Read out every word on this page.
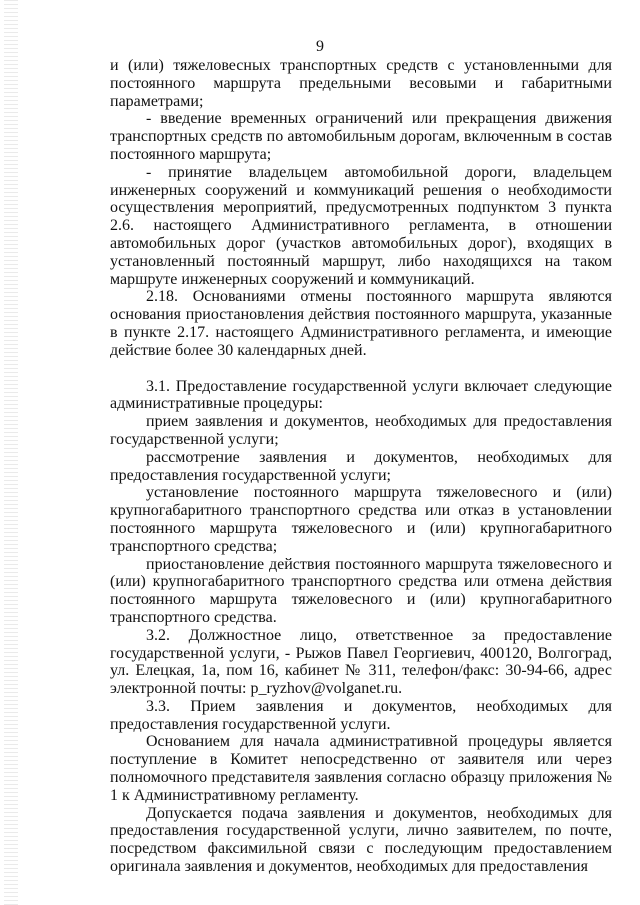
9

и (или) тяжеловесных транспортных средств с установленными для постоянного маршрута предельными весовыми и габаритными параметрами;

- введение временных ограничений или прекращения движения транспортных средств по автомобильным дорогам, включенным в состав постоянного маршрута;

- принятие владельцем автомобильной дороги, владельцем инженерных сооружений и коммуникаций решения о необходимости осуществления мероприятий, предусмотренных подпунктом 3 пункта 2.6. настоящего Административного регламента, в отношении автомобильных дорог (участков автомобильных дорог), входящих в установленный постоянный маршрут, либо находящихся на таком маршруте инженерных сооружений и коммуникаций.

2.18. Основаниями отмены постоянного маршрута являются основания приостановления действия постоянного маршрута, указанные в пункте 2.17. настоящего Административного регламента, и имеющие действие более 30 календарных дней.

3.1. Предоставление государственной услуги включает следующие административные процедуры:

прием заявления и документов, необходимых для предоставления государственной услуги;

рассмотрение заявления и документов, необходимых для предоставления государственной услуги;

установление постоянного маршрута тяжеловесного и (или) крупногабаритного транспортного средства или отказ в установлении постоянного маршрута тяжеловесного и (или) крупногабаритного транспортного средства;

приостановление действия постоянного маршрута тяжеловесного и (или) крупногабаритного транспортного средства или отмена действия постоянного маршрута тяжеловесного и (или) крупногабаритного транспортного средства.

3.2. Должностное лицо, ответственное за предоставление государственной услуги, - Рыжов Павел Георгиевич, 400120, Волгоград, ул. Елецкая, 1а, пом 16, кабинет № 311, телефон/факс: 30-94-66, адрес электронной почты: p_ryzhov@volganet.ru.

3.3. Прием заявления и документов, необходимых для предоставления государственной услуги.

Основанием для начала административной процедуры является поступление в Комитет непосредственно от заявителя или через полномочного представителя заявления согласно образцу приложения № 1 к Административному регламенту.

Допускается подача заявления и документов, необходимых для предоставления государственной услуги, лично заявителем, по почте, посредством факсимильной связи с последующим предоставлением оригинала заявления и документов, необходимых для предоставления
